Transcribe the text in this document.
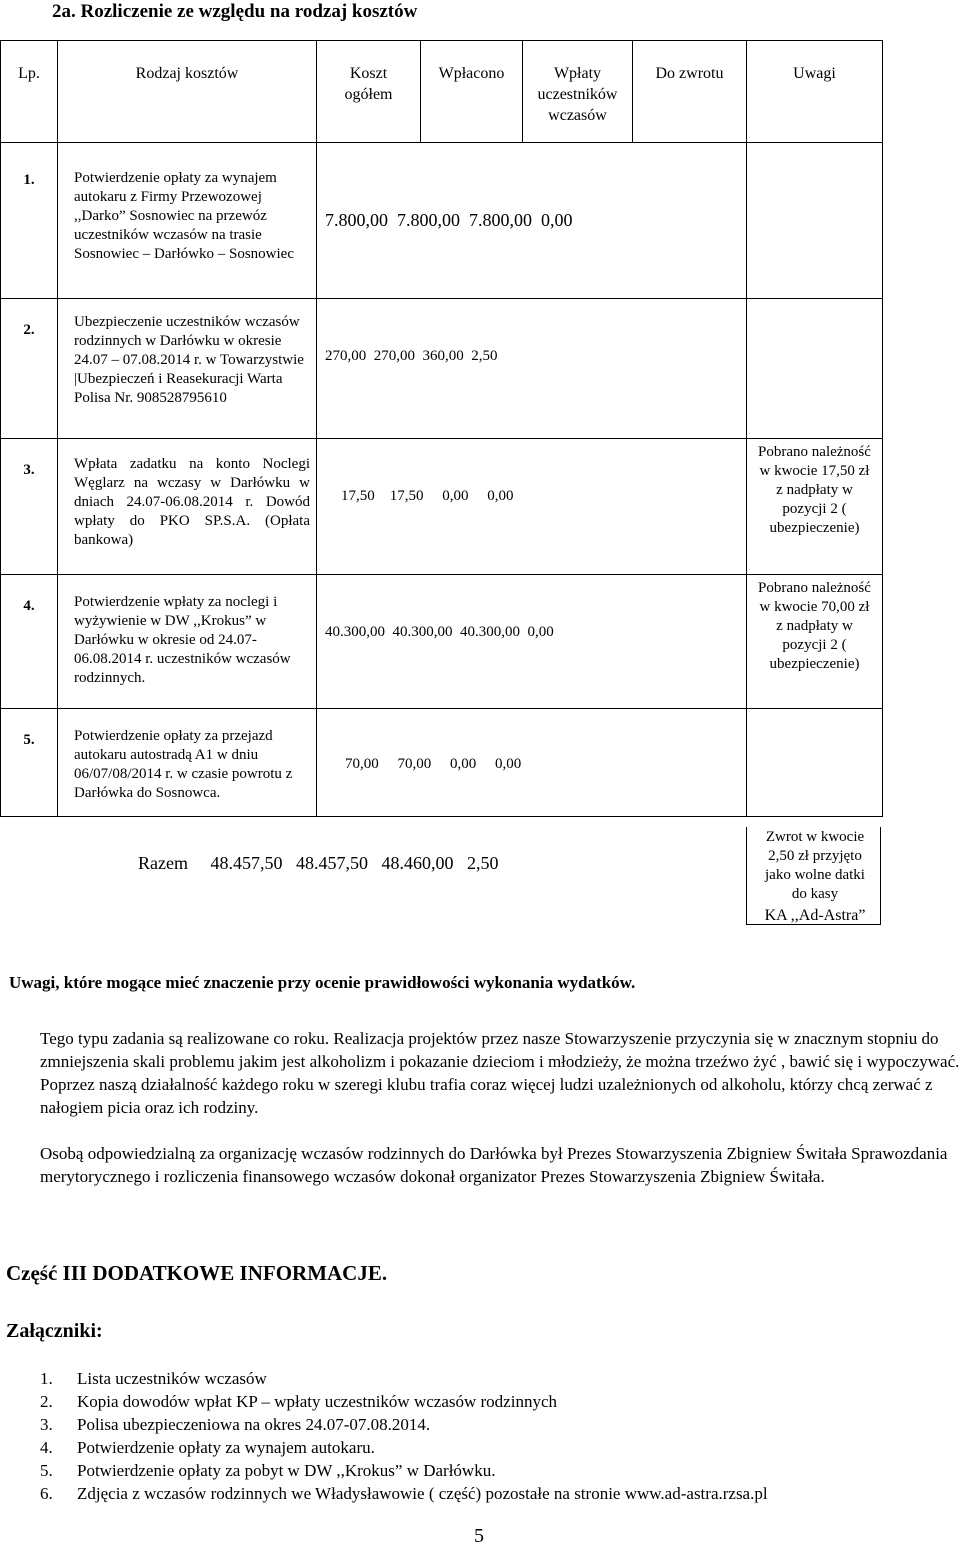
2a. Rozliczenie ze względu na rodzaj kosztów
Lp.	Rodzaj kosztów	Koszt ogółem	Wpłacono	Wpłaty uczestników wczasów	Do zwrotu	Uwagi

1.	Potwierdzenie opłaty za wynajem autokaru z Firmy Przewozowej ,,Darko” Sosnowiec na przewóz uczestników wczasów na trasie Sosnowiec – Darłówko – Sosnowiec	7.800,00 7.800,00 7.800,00 0,00				

2.	Ubezpieczenie uczestników wczasów rodzinnych w Darłówku w okresie 24.07 – 07.08.2014 r. w Towarzystwie |Ubezpieczeń i Reasekuracji Warta Polisa Nr. 908528795610	270,00 270,00 360,00 2,50				

3.	Wpłata zadatku na konto Noclegi Węglarz na wczasy w Darłówku w dniach 24.07-06.08.2014 r. Dowód wpłaty do PKO SP.S.A. (Opłata bankowa)	17,50 17,50 0,00 0,00				Pobrano należność w kwocie 17,50 zł z nadpłaty w pozycji 2 ( ubezpieczenie)

4.	Potwierdzenie wpłaty za noclegi i wyżywienie w DW ,,Krokus” w Darłówku w okresie od 24.07-06.08.2014 r. uczestników wczasów rodzinnych.	40.300,00 40.300,00 40.300,00 0,00				Pobrano należność w kwocie 70,00 zł z nadpłaty w pozycji 2 ( ubezpieczenie)

5.	Potwierdzenie opłaty za przejazd autokaru autostradą A1 w dniu 06/07/08/2014 r. w czasie powrotu z Darłówka do Sosnowca.	70,00 70,00 0,00 0,00				
Razem 48.457,50 48.457,50 48.460,00 2,50
Zwrot w kwocie 2,50 zł przyjęto jako wolne datki do kasy
KA ,,Ad-Astra”
Uwagi, które mogące mieć znaczenie przy ocenie prawidłowości wykonania wydatków.
Tego typu zadania są realizowane co roku. Realizacja projektów przez nasze Stowarzyszenie przyczynia się w znacznym stopniu do zmniejszenia skali problemu jakim jest alkoholizm i pokazanie dzieciom i młodzieży, że można trzeźwo żyć , bawić się i wypoczywać. Poprzez naszą działalność każdego roku w szeregi klubu trafia coraz więcej ludzi uzależnionych od alkoholu, którzy chcą zerwać z nałogiem picia oraz ich rodziny.
Osobą odpowiedzialną za organizację wczasów rodzinnych do Darłówka był Prezes Stowarzyszenia Zbigniew Świtała Sprawozdania merytorycznego i rozliczenia finansowego wczasów dokonał organizator Prezes Stowarzyszenia Zbigniew Świtała.
Część III DODATKOWE INFORMACJE.
Załączniki:
1. Lista uczestników wczasów
2. Kopia dowodów wpłat KP – wpłaty uczestników wczasów rodzinnych
3. Polisa ubezpieczeniowa na okres 24.07-07.08.2014.
4. Potwierdzenie opłaty za wynajem autokaru.
5. Potwierdzenie opłaty za pobyt w DW ,,Krokus” w Darłówku.
6. Zdjęcia z wczasów rodzinnych we Władysławowie ( część) pozostałe na stronie www.ad-astra.rzsa.pl
5
